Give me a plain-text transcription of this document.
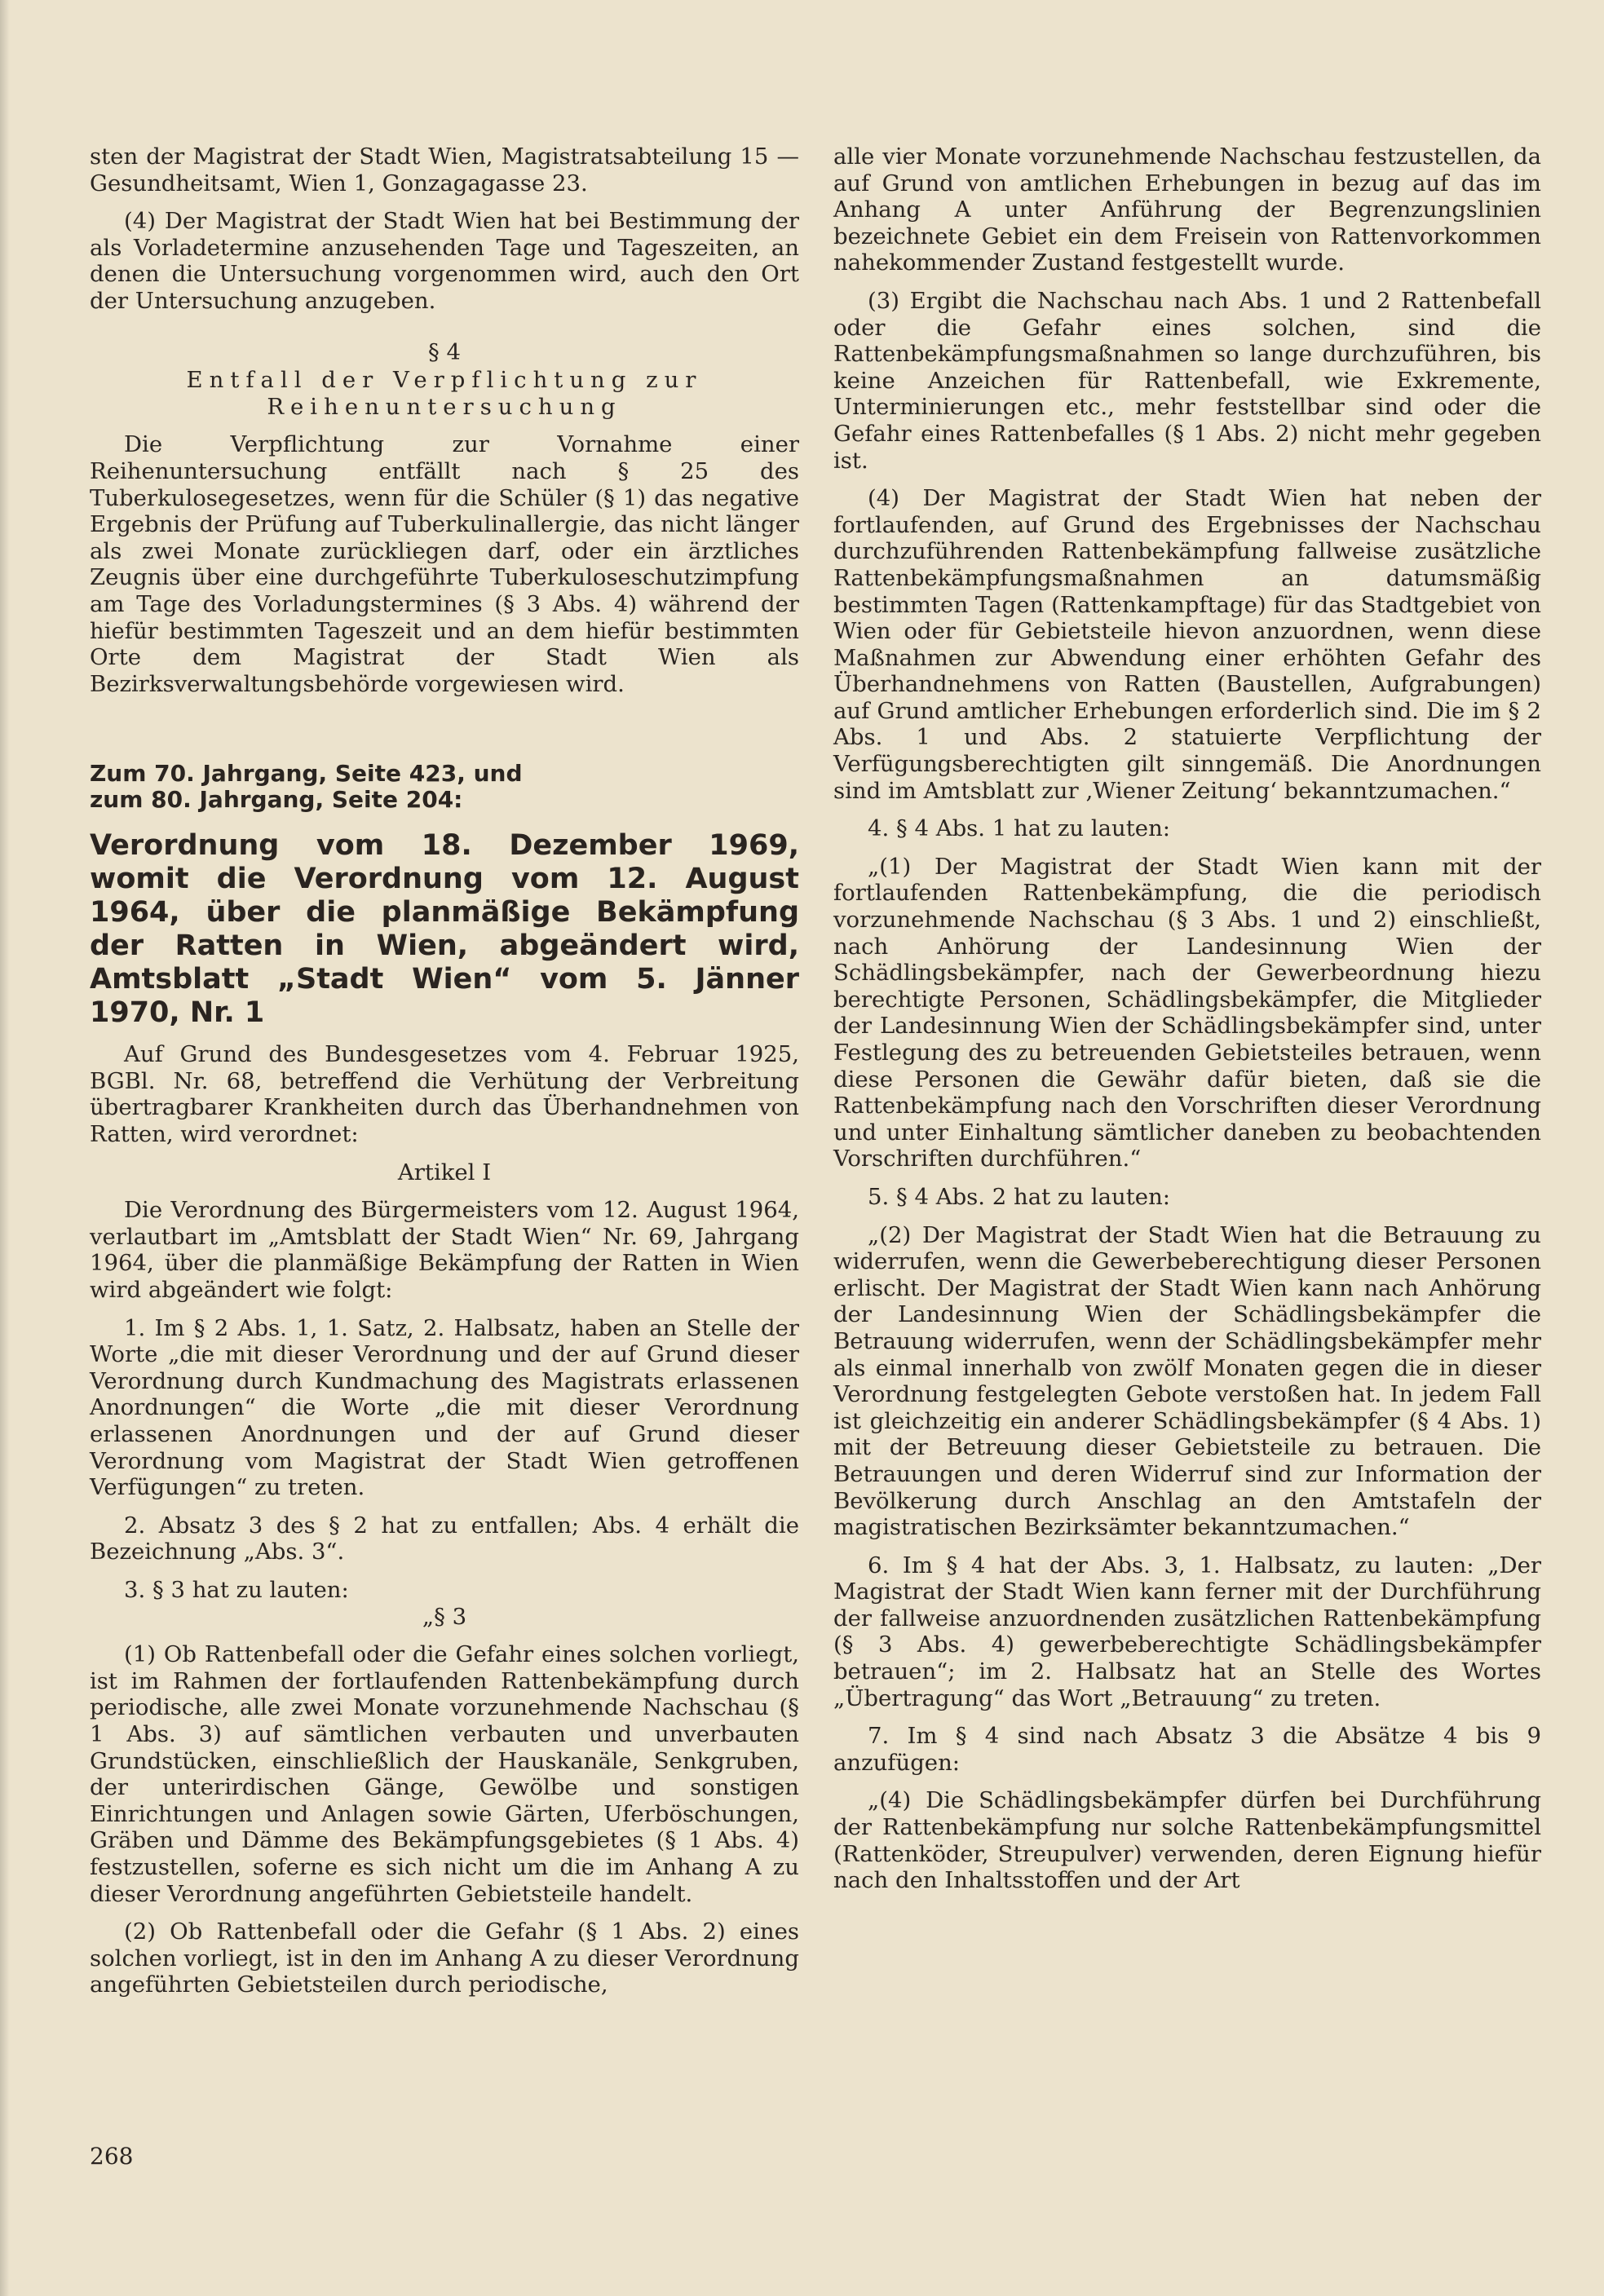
sten der Magistrat der Stadt Wien, Magistratsabteilung 15 — Gesundheitsamt, Wien 1, Gonzagagasse 23.

(4) Der Magistrat der Stadt Wien hat bei Bestimmung der als Vorladetermine anzusehenden Tage und Tageszeiten, an denen die Untersuchung vorgenommen wird, auch den Ort der Untersuchung anzugeben.

§ 4

Entfall der Verpflichtung zur
Reihenuntersuchung

Die Verpflichtung zur Vornahme einer Reihenuntersuchung entfällt nach § 25 des Tuberkulosegesetzes, wenn für die Schüler (§ 1) das negative Ergebnis der Prüfung auf Tuberkulinallergie, das nicht länger als zwei Monate zurückliegen darf, oder ein ärztliches Zeugnis über eine durchgeführte Tuberkuloseschutzimpfung am Tage des Vorladungstermines (§ 3 Abs. 4) während der hiefür bestimmten Tageszeit und an dem hiefür bestimmten Orte dem Magistrat der Stadt Wien als Bezirksverwaltungsbehörde vorgewiesen wird.

Zum 70. Jahrgang, Seite 423, und
zum 80. Jahrgang, Seite 204:

Verordnung vom 18. Dezember 1969, womit die Verordnung vom 12. August 1964, über die planmäßige Bekämpfung der Ratten in Wien, abgeändert wird, Amtsblatt „Stadt Wien“ vom 5. Jänner 1970, Nr. 1

Auf Grund des Bundesgesetzes vom 4. Februar 1925, BGBl. Nr. 68, betreffend die Verhütung der Verbreitung übertragbarer Krankheiten durch das Überhandnehmen von Ratten, wird verordnet:

Artikel I

Die Verordnung des Bürgermeisters vom 12. August 1964, verlautbart im „Amtsblatt der Stadt Wien“ Nr. 69, Jahrgang 1964, über die planmäßige Bekämpfung der Ratten in Wien wird abgeändert wie folgt:

1. Im § 2 Abs. 1, 1. Satz, 2. Halbsatz, haben an Stelle der Worte „die mit dieser Verordnung und der auf Grund dieser Verordnung durch Kundmachung des Magistrats erlassenen Anordnungen“ die Worte „die mit dieser Verordnung erlassenen Anordnungen und der auf Grund dieser Verordnung vom Magistrat der Stadt Wien getroffenen Verfügungen“ zu treten.

2. Absatz 3 des § 2 hat zu entfallen; Abs. 4 erhält die Bezeichnung „Abs. 3“.

3. § 3 hat zu lauten:

„§ 3

(1) Ob Rattenbefall oder die Gefahr eines solchen vorliegt, ist im Rahmen der fortlaufenden Rattenbekämpfung durch periodische, alle zwei Monate vorzunehmende Nachschau (§ 1 Abs. 3) auf sämtlichen verbauten und unverbauten Grundstücken, einschließlich der Hauskanäle, Senkgruben, der unterirdischen Gänge, Gewölbe und sonstigen Einrichtungen und Anlagen sowie Gärten, Uferböschungen, Gräben und Dämme des Bekämpfungsgebietes (§ 1 Abs. 4) festzustellen, soferne es sich nicht um die im Anhang A zu dieser Verordnung angeführten Gebietsteile handelt.

(2) Ob Rattenbefall oder die Gefahr (§ 1 Abs. 2) eines solchen vorliegt, ist in den im Anhang A zu dieser Verordnung angeführten Gebietsteilen durch periodische,

alle vier Monate vorzunehmende Nachschau festzustellen, da auf Grund von amtlichen Erhebungen in bezug auf das im Anhang A unter Anführung der Begrenzungslinien bezeichnete Gebiet ein dem Freisein von Rattenvorkommen nahekommender Zustand festgestellt wurde.

(3) Ergibt die Nachschau nach Abs. 1 und 2 Rattenbefall oder die Gefahr eines solchen, sind die Rattenbekämpfungsmaßnahmen so lange durchzuführen, bis keine Anzeichen für Rattenbefall, wie Exkremente, Unterminierungen etc., mehr feststellbar sind oder die Gefahr eines Rattenbefalles (§ 1 Abs. 2) nicht mehr gegeben ist.

(4) Der Magistrat der Stadt Wien hat neben der fortlaufenden, auf Grund des Ergebnisses der Nachschau durchzuführenden Rattenbekämpfung fallweise zusätzliche Rattenbekämpfungsmaßnahmen an datumsmäßig bestimmten Tagen (Rattenkampftage) für das Stadtgebiet von Wien oder für Gebietsteile hievon anzuordnen, wenn diese Maßnahmen zur Abwendung einer erhöhten Gefahr des Überhandnehmens von Ratten (Baustellen, Aufgrabungen) auf Grund amtlicher Erhebungen erforderlich sind. Die im § 2 Abs. 1 und Abs. 2 statuierte Verpflichtung der Verfügungsberechtigten gilt sinngemäß. Die Anordnungen sind im Amtsblatt zur ‚Wiener Zeitung‘ bekanntzumachen.“

4. § 4 Abs. 1 hat zu lauten:

„(1) Der Magistrat der Stadt Wien kann mit der fortlaufenden Rattenbekämpfung, die die periodisch vorzunehmende Nachschau (§ 3 Abs. 1 und 2) einschließt, nach Anhörung der Landesinnung Wien der Schädlingsbekämpfer, nach der Gewerbeordnung hiezu berechtigte Personen, Schädlingsbekämpfer, die Mitglieder der Landesinnung Wien der Schädlingsbekämpfer sind, unter Festlegung des zu betreuenden Gebietsteiles betrauen, wenn diese Personen die Gewähr dafür bieten, daß sie die Rattenbekämpfung nach den Vorschriften dieser Verordnung und unter Einhaltung sämtlicher daneben zu beobachtenden Vorschriften durchführen.“

5. § 4 Abs. 2 hat zu lauten:

„(2) Der Magistrat der Stadt Wien hat die Betrauung zu widerrufen, wenn die Gewerbeberechtigung dieser Personen erlischt. Der Magistrat der Stadt Wien kann nach Anhörung der Landesinnung Wien der Schädlingsbekämpfer die Betrauung widerrufen, wenn der Schädlingsbekämpfer mehr als einmal innerhalb von zwölf Monaten gegen die in dieser Verordnung festgelegten Gebote verstoßen hat. In jedem Fall ist gleichzeitig ein anderer Schädlingsbekämpfer (§ 4 Abs. 1) mit der Betreuung dieser Gebietsteile zu betrauen. Die Betrauungen und deren Widerruf sind zur Information der Bevölkerung durch Anschlag an den Amtstafeln der magistratischen Bezirksämter bekanntzumachen.“

6. Im § 4 hat der Abs. 3, 1. Halbsatz, zu lauten: „Der Magistrat der Stadt Wien kann ferner mit der Durchführung der fallweise anzuordnenden zusätzlichen Rattenbekämpfung (§ 3 Abs. 4) gewerbeberechtigte Schädlingsbekämpfer betrauen“; im 2. Halbsatz hat an Stelle des Wortes „Übertragung“ das Wort „Betrauung“ zu treten.

7. Im § 4 sind nach Absatz 3 die Absätze 4 bis 9 anzufügen:

„(4) Die Schädlingsbekämpfer dürfen bei Durchführung der Rattenbekämpfung nur solche Rattenbekämpfungsmittel (Rattenköder, Streupulver) verwenden, deren Eignung hiefür nach den Inhaltsstoffen und der Art

268
